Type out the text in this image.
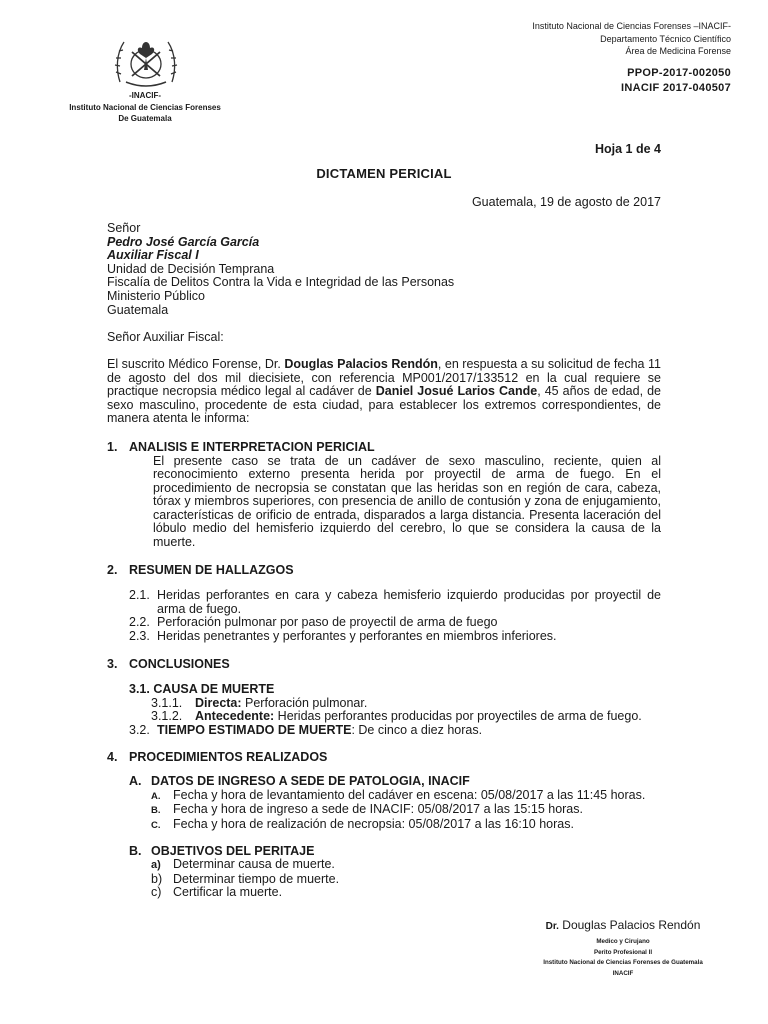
-INACIF-
Instituto Nacional de Ciencias Forenses
De Guatemala
Instituto Nacional de Ciencias Forenses –INACIF-
Departamento Técnico Científico
Área de Medicina Forense
PPOP-2017-002050
INACIF 2017-040507
Hoja 1 de 4
DICTAMEN PERICIAL
Guatemala, 19 de agosto de 2017

Señor

Pedro José García García

Auxiliar Fiscal I

Unidad de Decisión Temprana

Fiscalía de Delitos Contra la Vida e Integridad de las Personas

Ministerio Público

Guatemala

Señor Auxiliar Fiscal:

El suscrito Médico Forense, Dr. Douglas Palacios Rendón, en respuesta a su solicitud de fecha 11 de agosto del dos mil diecisiete, con referencia MP001/2017/133512 en la cual requiere se practique necropsia médico legal al cadáver de Daniel Josué Larios Cande, 45 años de edad, de sexo masculino, procedente de esta ciudad, para establecer los extremos correspondientes, de manera atenta le informa:

1. ANALISIS E INTERPRETACION PERICIAL

El presente caso se trata de un cadáver de sexo masculino, reciente, quien al reconocimiento externo presenta herida por proyectil de arma de fuego. En el procedimiento de necropsia se constatan que las heridas son en región de cara, cabeza, tórax y miembros superiores, con presencia de anillo de contusión y zona de enjugamiento, características de orificio de entrada, disparados a larga distancia. Presenta laceración del lóbulo medio del hemisferio izquierdo del cerebro, lo que se considera la causa de la muerte.

2. RESUMEN DE HALLAZGOS
2.1. Heridas perforantes en cara y cabeza hemisferio izquierdo producidas por proyectil de arma de fuego.
2.2. Perforación pulmonar por paso de proyectil de arma de fuego
2.3. Heridas penetrantes y perforantes y perforantes en miembros inferiores.
3. CONCLUSIONES
3.1. CAUSA DE MUERTE
3.1.1.	Directa: Perforación pulmonar.
3.1.2.	Antecedente: Heridas perforantes producidas por proyectiles de arma de fuego.
3.2. TIEMPO ESTIMADO DE MUERTE: De cinco a diez horas.
4. PROCEDIMIENTOS REALIZADOS
A. DATOS DE INGRESO A SEDE DE PATOLOGIA, INACIF
A.	Fecha y hora de levantamiento del cadáver en escena: 05/08/2017 a las 11:45 horas.
B.	Fecha y hora de ingreso a sede de INACIF: 05/08/2017 a las 15:15 horas.
C.	Fecha y hora de realización de necropsia: 05/08/2017 a las 16:10 horas.
B. OBJETIVOS DEL PERITAJE
a) Determinar causa de muerte.
b) Determinar tiempo de muerte.
c) Certificar la muerte.
Dr. Douglas Palacios Rendón
Medico y Cirujano
Perito Profesional II
Instituto Nacional de Ciencias Forenses de Guatemala
INACIF
